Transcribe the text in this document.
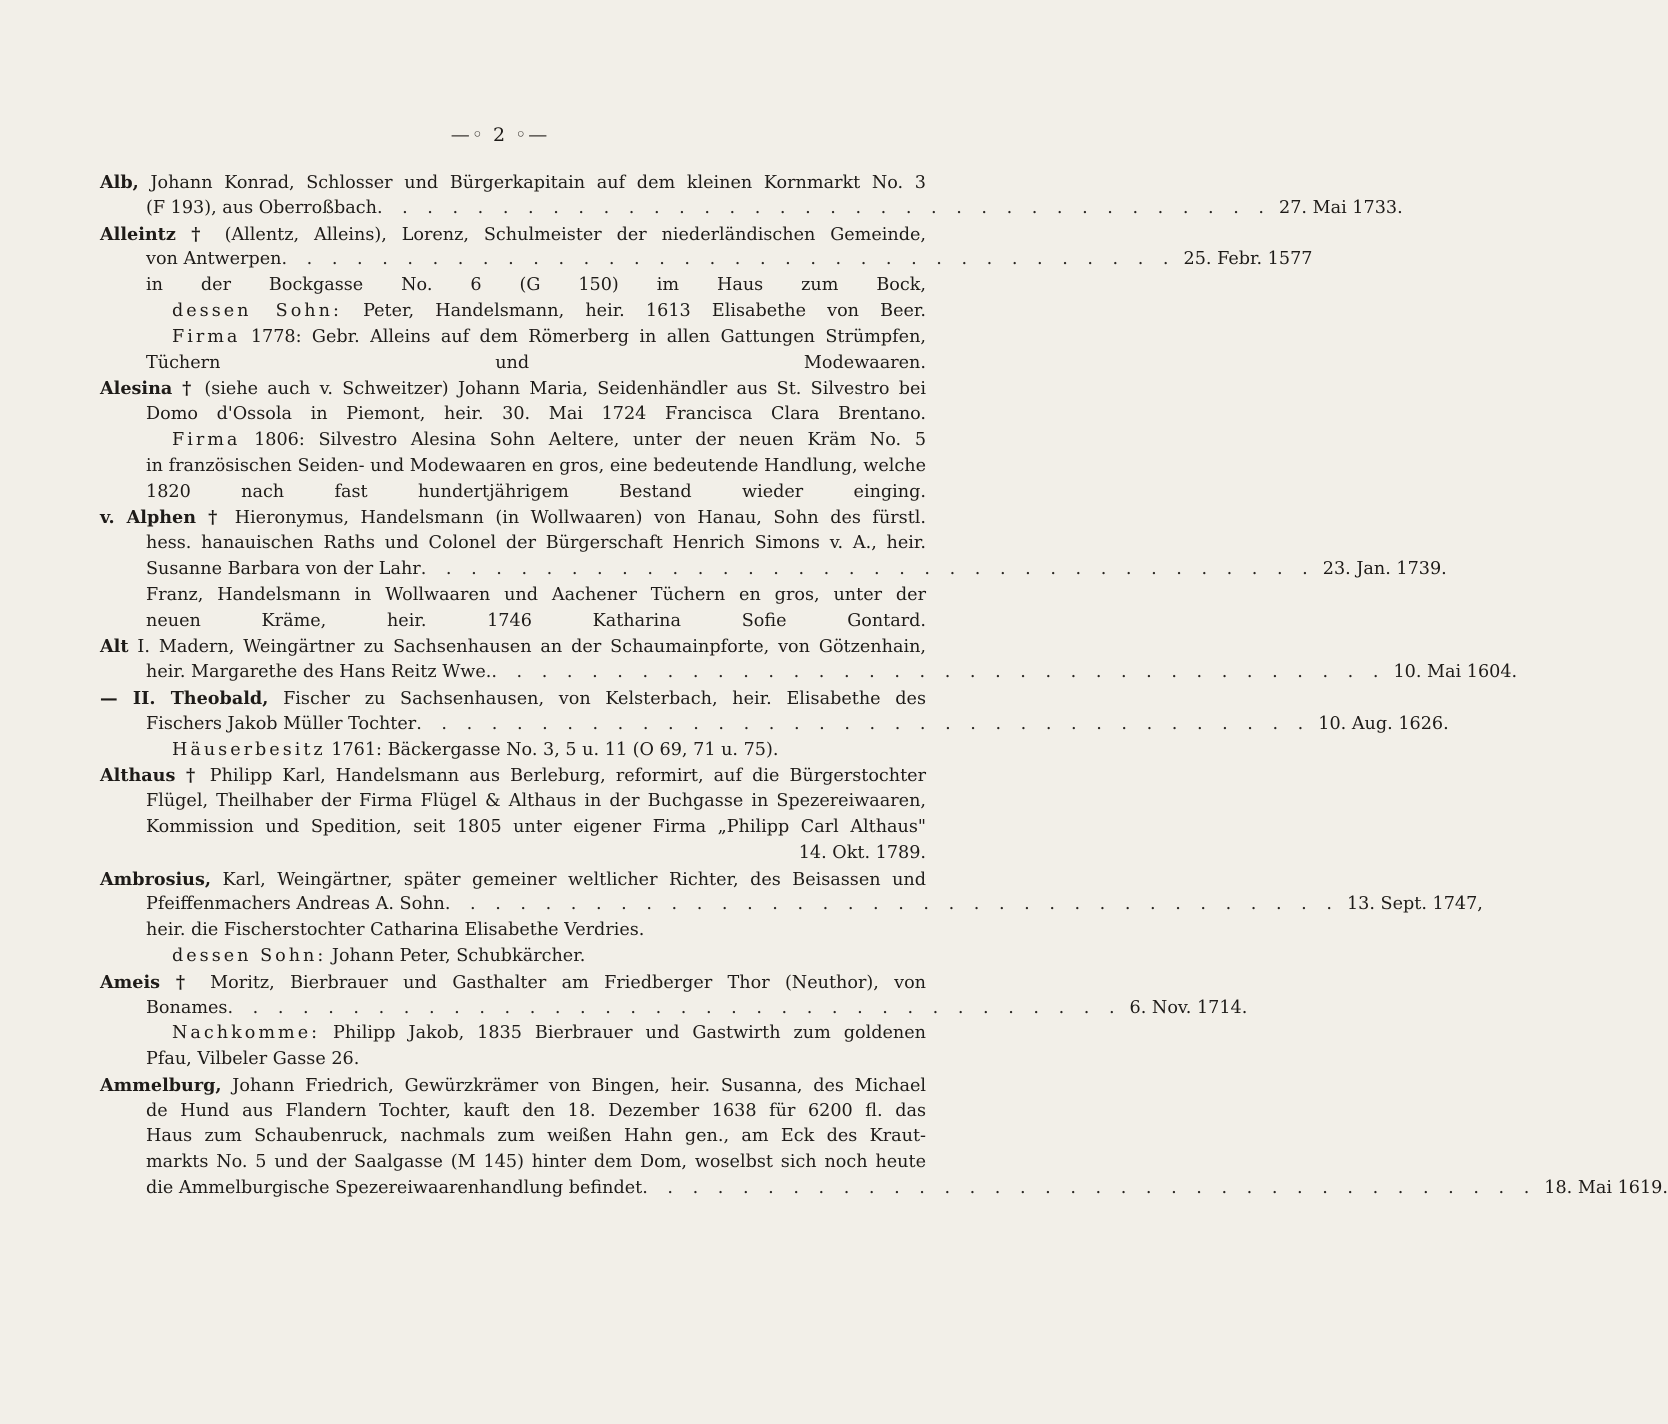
—◦ 2 ◦—
Alb, Johann Konrad, Schlosser und Bürgerkapitain auf dem kleinen Kornmarkt No. 3
(F 193), aus Oberroßbach . . . . . . . . . . . . . . . . . . . . . . . . . . . . . . . . . . . . 27. Mai 1733.
Alleintz † (Allentz, Alleins), Lorenz, Schulmeister der niederländischen Gemeinde,
von Antwerpen . . . . . . . . . . . . . . . . . . . . . . . . . . . . . . . . . . . . 25. Febr. 1577
in der Bockgasse No. 6 (G 150) im Haus zum Bock,
dessen Sohn: Peter, Handelsmann, heir. 1613 Elisabethe von Beer.
Firma 1778: Gebr. Alleins auf dem Römerberg in allen Gattungen Strümpfen,
Tüchern und Modewaaren.
Alesina † (siehe auch v. Schweitzer) Johann Maria, Seidenhändler aus St. Silvestro bei
Domo d'Ossola in Piemont, heir. 30. Mai 1724 Francisca Clara Brentano.
Firma 1806: Silvestro Alesina Sohn Aeltere, unter der neuen Kräm No. 5
in französischen Seiden- und Modewaaren en gros, eine bedeutende Handlung, welche
1820 nach fast hundertjährigem Bestand wieder einging.
v. Alphen † Hieronymus, Handelsmann (in Wollwaaren) von Hanau, Sohn des fürstl.
hess. hanauischen Raths und Colonel der Bürgerschaft Henrich Simons v. A., heir.
Susanne Barbara von der Lahr . . . . . . . . . . . . . . . . . . . . . . . . . . . . . . . . . . . . 23. Jan. 1739.
Franz, Handelsmann in Wollwaaren und Aachener Tüchern en gros, unter der
neuen Kräme, heir. 1746 Katharina Sofie Gontard.
Alt I. Madern, Weingärtner zu Sachsenhausen an der Schaumainpforte, von Götzenhain,
heir. Margarethe des Hans Reitz Wwe. . . . . . . . . . . . . . . . . . . . . . . . . . . . . . . . . . . . . 10. Mai 1604.
— II. Theobald, Fischer zu Sachsenhausen, von Kelsterbach, heir. Elisabethe des
Fischers Jakob Müller Tochter . . . . . . . . . . . . . . . . . . . . . . . . . . . . . . . . . . . . 10. Aug. 1626.
Häuserbesitz 1761: Bäckergasse No. 3, 5 u. 11 (O 69, 71 u. 75).
Althaus † Philipp Karl, Handelsmann aus Berleburg, reformirt, auf die Bürgerstochter
Flügel, Theilhaber der Firma Flügel & Althaus in der Buchgasse in Spezereiwaaren,
Kommission und Spedition, seit 1805 unter eigener Firma „Philipp Carl Althaus"
14. Okt. 1789.
Ambrosius, Karl, Weingärtner, später gemeiner weltlicher Richter, des Beisassen und
Pfeiffenmachers Andreas A. Sohn . . . . . . . . . . . . . . . . . . . . . . . . . . . . . . . . . . . . 13. Sept. 1747,
heir. die Fischerstochter Catharina Elisabethe Verdries.
dessen Sohn: Johann Peter, Schubkärcher.
Ameis † Moritz, Bierbrauer und Gasthalter am Friedberger Thor (Neuthor), von
Bonames . . . . . . . . . . . . . . . . . . . . . . . . . . . . . . . . . . . . 6. Nov. 1714.
Nachkomme: Philipp Jakob, 1835 Bierbrauer und Gastwirth zum goldenen
Pfau, Vilbeler Gasse 26.
Ammelburg, Johann Friedrich, Gewürzkrämer von Bingen, heir. Susanna, des Michael
de Hund aus Flandern Tochter, kauft den 18. Dezember 1638 für 6200 fl. das
Haus zum Schaubenruck, nachmals zum weißen Hahn gen., am Eck des Kraut-
markts No. 5 und der Saalgasse (M 145) hinter dem Dom, woselbst sich noch heute
die Ammelburgische Spezereiwaarenhandlung befindet . . . . . . . . . . . . . . . . . . . . . . . . . . . . . . . . . . . . 18. Mai 1619.
